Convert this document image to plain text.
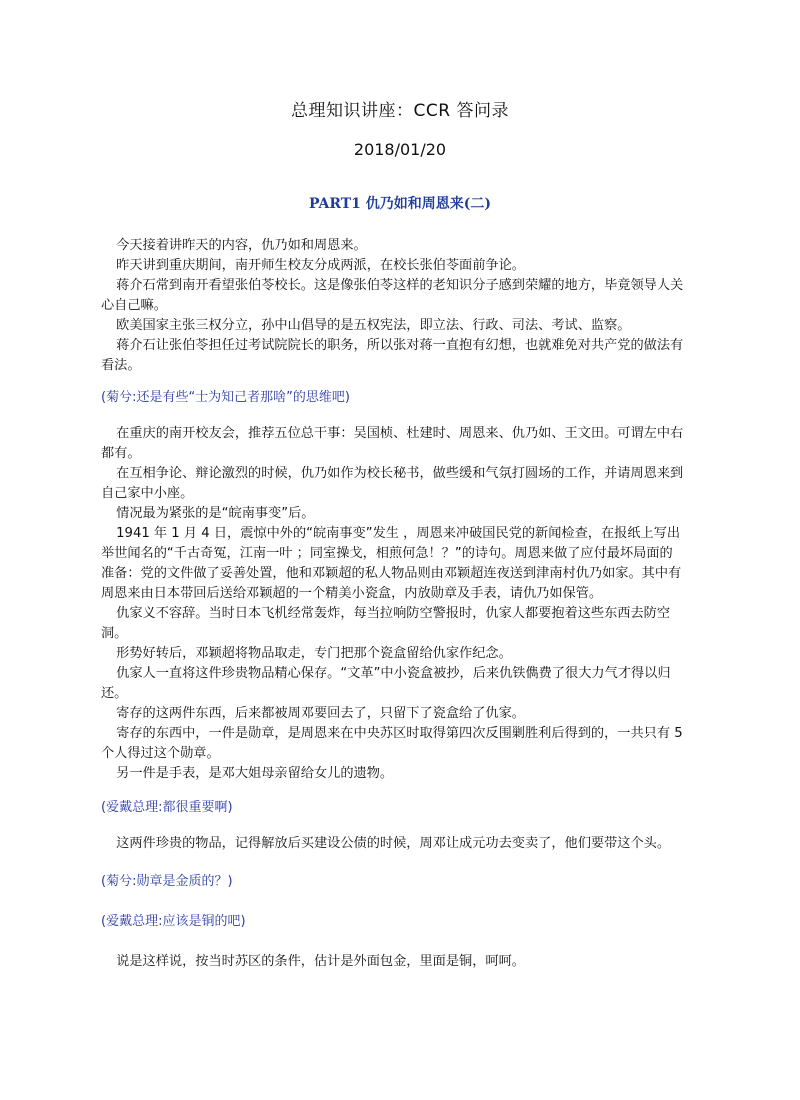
总理知识讲座：CCR 答问录
2018/01/20
PART1 仇乃如和周恩来(二)

今天接着讲昨天的内容，仇乃如和周恩来。

昨天讲到重庆期间，南开师生校友分成两派，在校长张伯苓面前争论。

蒋介石常到南开看望张伯苓校长。这是像张伯苓这样的老知识分子感到荣耀的地方，毕竟领导人关心自己嘛。

欧美国家主张三权分立，孙中山倡导的是五权宪法，即立法、行政、司法、考试、监察。

蒋介石让张伯苓担任过考试院院长的职务，所以张对蒋一直抱有幻想，也就难免对共产党的做法有看法。

(菊兮:还是有些“士为知己者那啥”的思维吧)

在重庆的南开校友会，推荐五位总干事：吴国桢、杜建时、周恩来、仇乃如、王文田。可谓左中右都有。

在互相争论、辩论激烈的时候，仇乃如作为校长秘书，做些缓和气氛打圆场的工作，并请周恩来到自己家中小座。

情况最为紧张的是“皖南事变”后。

1941 年 1 月 4 日，震惊中外的“皖南事变”发生 ，周恩来冲破国民党的新闻检查，在报纸上写出举世闻名的“千古奇冤，江南一叶 ；同室操戈，相煎何急！？”的诗句。周恩来做了应付最坏局面的准备：党的文件做了妥善处置，他和邓颖超的私人物品则由邓颖超连夜送到津南村仇乃如家。其中有周恩来由日本带回后送给邓颖超的一个精美小瓷盒，内放勋章及手表，请仇乃如保管。

仇家义不容辞。当时日本飞机经常轰炸，每当拉响防空警报时，仇家人都要抱着这些东西去防空洞。

形势好转后，邓颖超将物品取走，专门把那个瓷盒留给仇家作纪念。

仇家人一直将这件珍贵物品精心保存。“文革”中小瓷盒被抄，后来仇铁儁费了很大力气才得以归还。

寄存的这两件东西，后来都被周邓要回去了，只留下了瓷盒给了仇家。

寄存的东西中，一件是勋章，是周恩来在中央苏区时取得第四次反围剿胜利后得到的，一共只有 5 个人得过这个勋章。

另一件是手表，是邓大姐母亲留给女儿的遗物。

(爱戴总理:都很重要啊)

这两件珍贵的物品，记得解放后买建设公债的时候，周邓让成元功去变卖了，他们要带这个头。

(菊兮:勋章是金质的？)
(爱戴总理:应该是铜的吧)

说是这样说，按当时苏区的条件，估计是外面包金，里面是铜，呵呵。
